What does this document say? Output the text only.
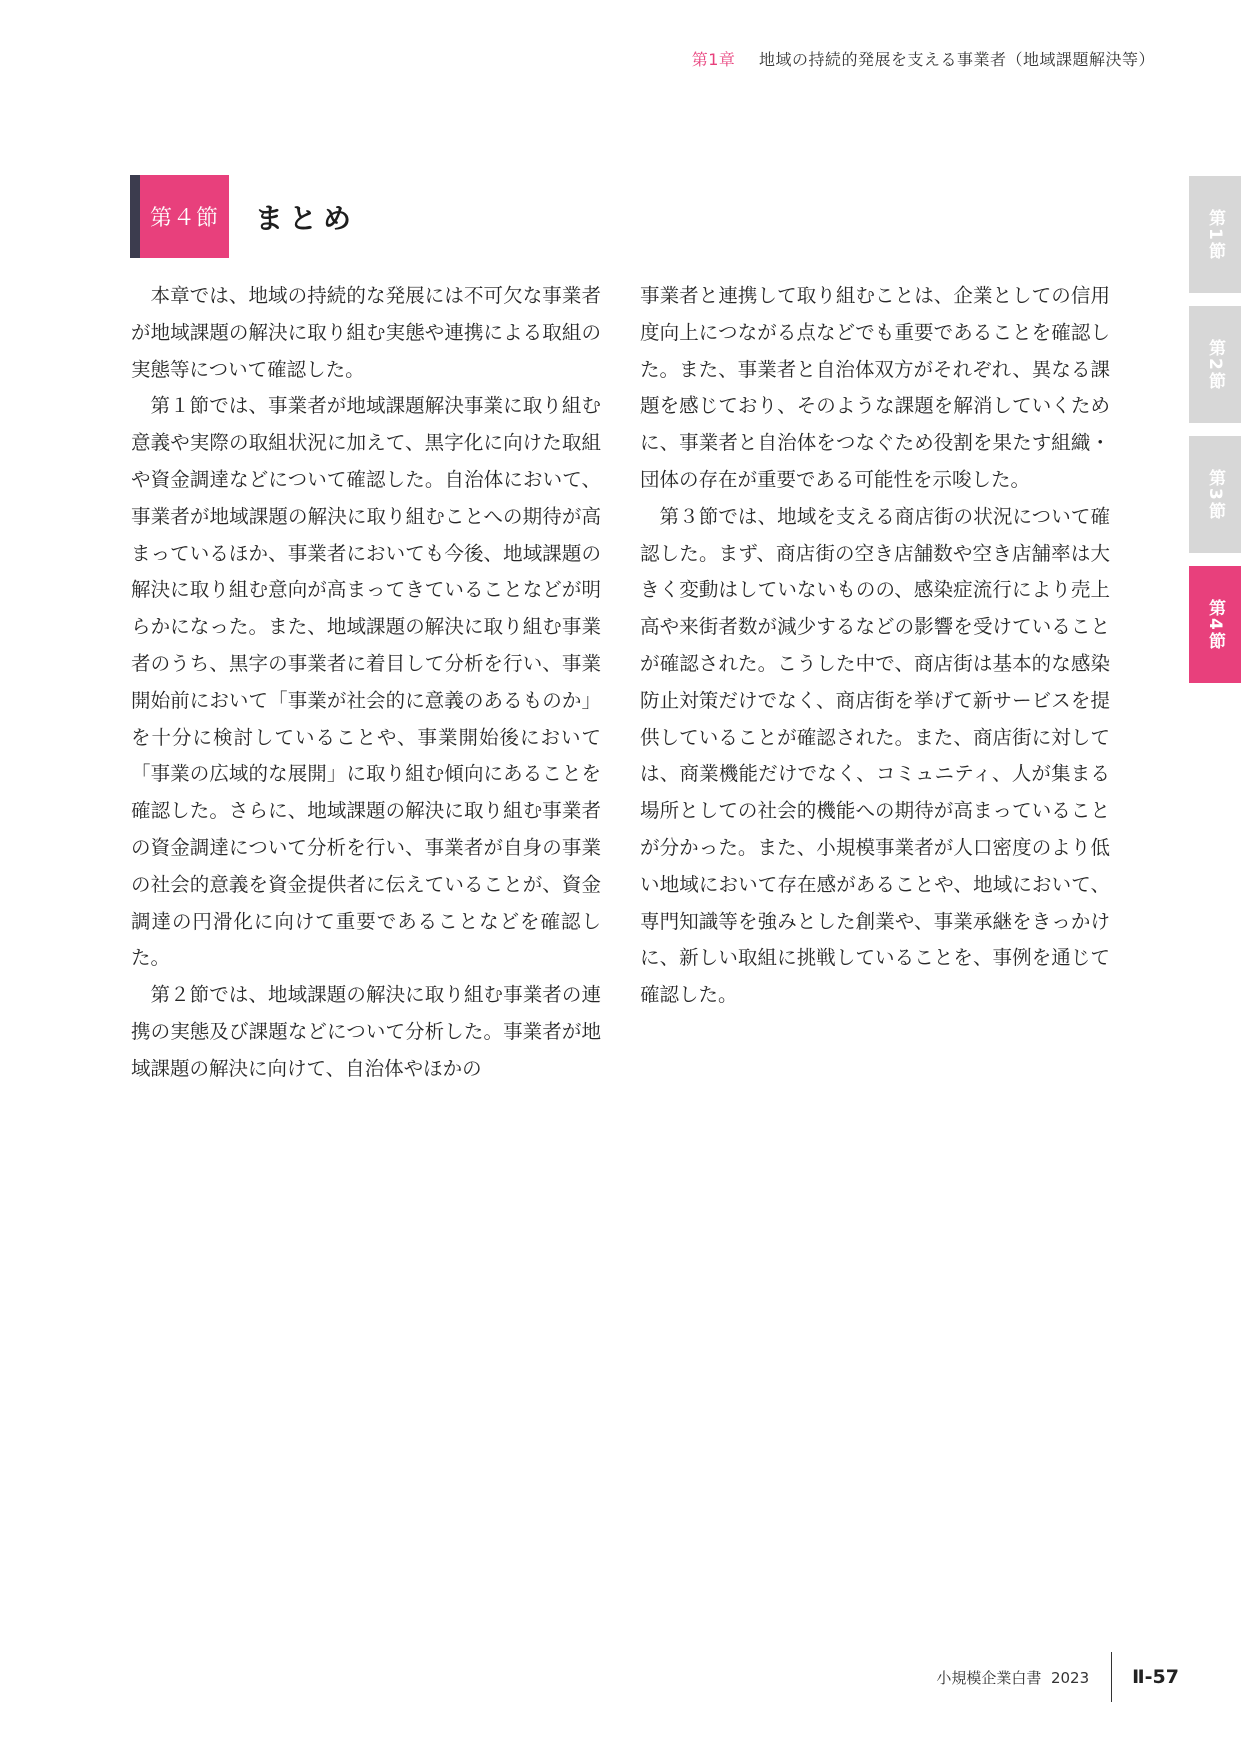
第1章 地域の持続的発展を支える事業者（地域課題解決等）
第４節	まとめ

本章では、地域の持続的な発展には不可欠な事業者が地域課題の解決に取り組む実態や連携による取組の実態等について確認した。

第１節では、事業者が地域課題解決事業に取り組む意義や実際の取組状況に加えて、黒字化に向けた取組や資金調達などについて確認した。自治体において、事業者が地域課題の解決に取り組むことへの期待が高まっているほか、事業者においても今後、地域課題の解決に取り組む意向が高まってきていることなどが明らかになった。また、地域課題の解決に取り組む事業者のうち、黒字の事業者に着目して分析を行い、事業開始前において「事業が社会的に意義のあるものか」を十分に検討していることや、事業開始後において「事業の広域的な展開」に取り組む傾向にあることを確認した。さらに、地域課題の解決に取り組む事業者の資金調達について分析を行い、事業者が自身の事業の社会的意義を資金提供者に伝えていることが、資金調達の円滑化に向けて重要であることなどを確認した。

第２節では、地域課題の解決に取り組む事業者の連携の実態及び課題などについて分析した。事業者が地域課題の解決に向けて、自治体やほかの

事業者と連携して取り組むことは、企業としての信用度向上につながる点などでも重要であることを確認した。また、事業者と自治体双方がそれぞれ、異なる課題を感じており、そのような課題を解消していくために、事業者と自治体をつなぐため役割を果たす組織・団体の存在が重要である可能性を示唆した。

第３節では、地域を支える商店街の状況について確認した。まず、商店街の空き店舗数や空き店舗率は大きく変動はしていないものの、感染症流行により売上高や来街者数が減少するなどの影響を受けていることが確認された。こうした中で、商店街は基本的な感染防止対策だけでなく、商店街を挙げて新サービスを提供していることが確認された。また、商店街に対しては、商業機能だけでなく、コミュニティ、人が集まる場所としての社会的機能への期待が高まっていることが分かった。また、小規模事業者が人口密度のより低い地域において存在感があることや、地域において、専門知識等を強みとした創業や、事業承継をきっかけに、新しい取組に挑戦していることを、事例を通じて確認した。

第1節
第2節
第3節
第4節
小規模企業白書 2023 Ⅱ-57
